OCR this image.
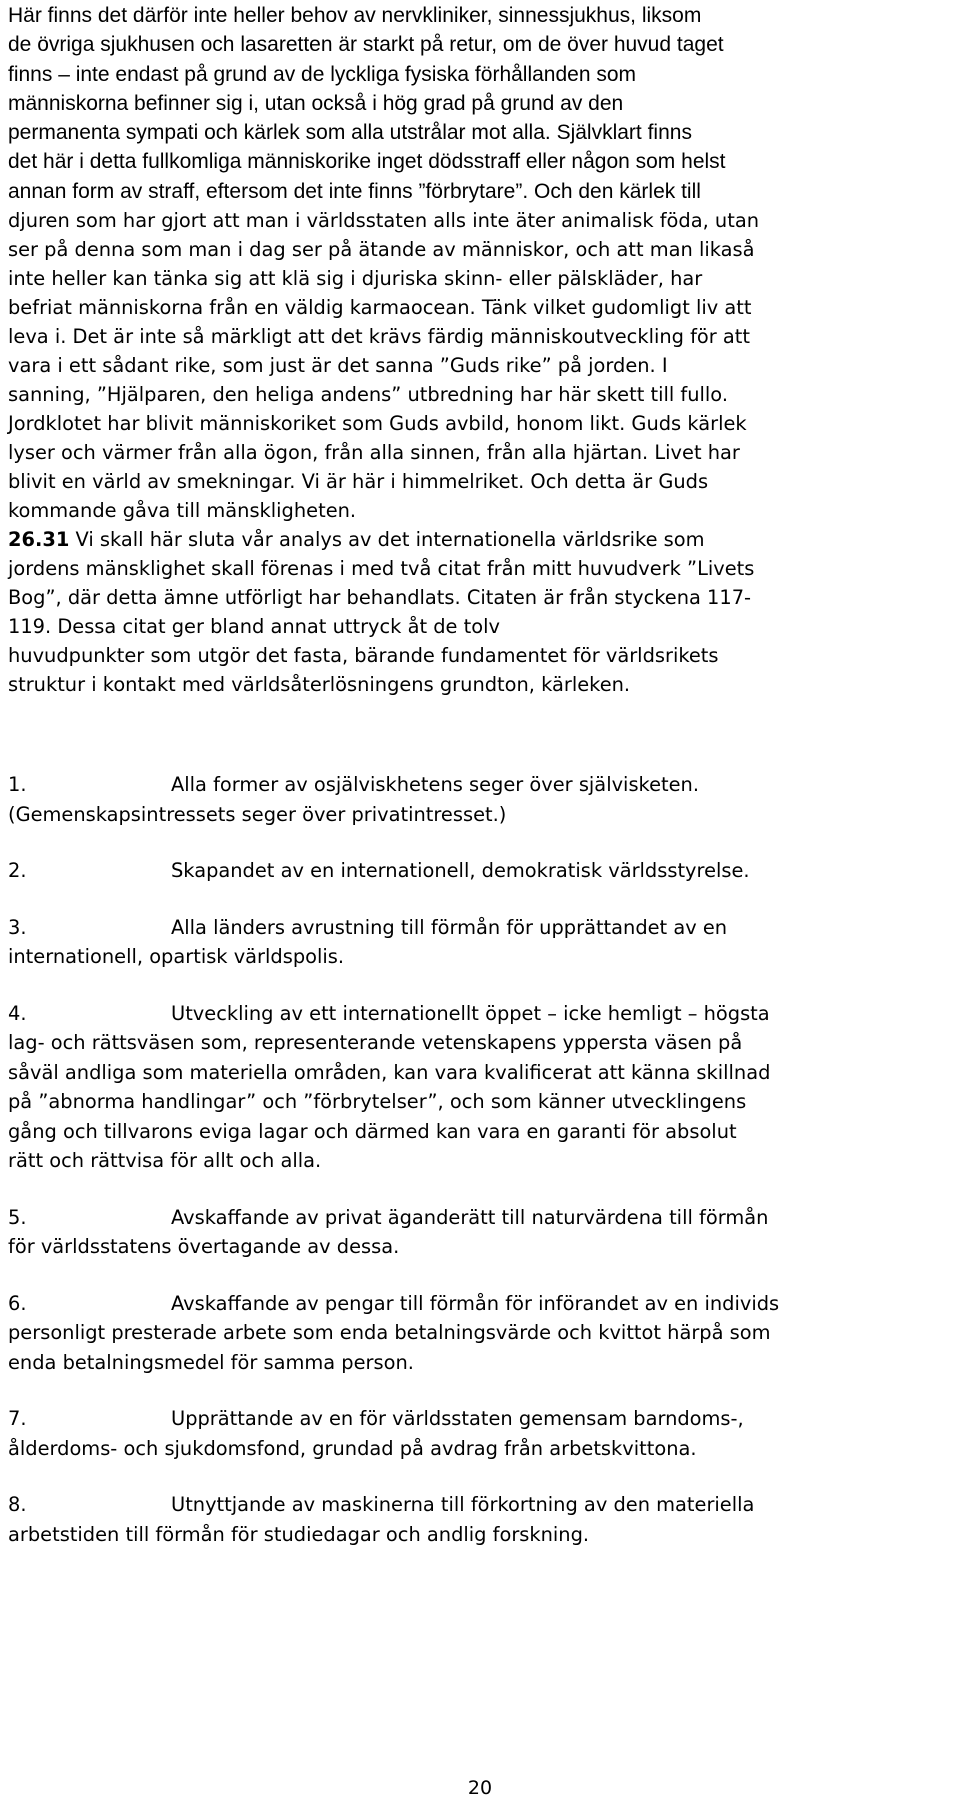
Här finns det därför inte heller behov av nervkliniker, sinnessjukhus, liksom
de övriga sjukhusen och lasaretten är starkt på retur, om de över huvud taget
finns – inte endast på grund av de lyckliga fysiska förhållanden som
människorna befinner sig i, utan också i hög grad på grund av den
permanenta sympati och kärlek som alla utstrålar mot alla. Självklart finns
det här i detta fullkomliga människorike inget dödsstraff eller någon som helst
annan form av straff, eftersom det inte finns ”förbrytare”. Och den kärlek till
djuren som har gjort att man i världsstaten alls inte äter animalisk föda, utan
ser på denna som man i dag ser på ätande av människor, och att man likaså
inte heller kan tänka sig att klä sig i djuriska skinn- eller pälskläder, har
befriat människorna från en väldig karmaocean. Tänk vilket gudomligt liv att
leva i. Det är inte så märkligt att det krävs färdig människoutveckling för att
vara i ett sådant rike, som just är det sanna ”Guds rike” på jorden. I
sanning, ”Hjälparen, den heliga andens” utbredning har här skett till fullo.
Jordklotet har blivit människoriket som Guds avbild, honom likt. Guds kärlek
lyser och värmer från alla ögon, från alla sinnen, från alla hjärtan. Livet har
blivit en värld av smekningar. Vi är här i himmelriket. Och detta är Guds
kommande gåva till mänskligheten.
26.31 Vi skall här sluta vår analys av det internationella världsrike som
jordens mänsklighet skall förenas i med två citat från mitt huvudverk ”Livets
Bog”, där detta ämne utförligt har behandlats. Citaten är från styckena 117-
119. Dessa citat ger bland annat uttryck åt de tolv
huvudpunkter som utgör det fasta, bärande fundamentet för världsrikets
struktur i kontakt med världsåterlösningens grundton, kärleken.
1.	Alla former av osjälviskhetens seger över självisketen.
(Gemenskapsintressets seger över privatintresset.)
2.	Skapandet av en internationell, demokratisk världsstyrelse.
3.	Alla länders avrustning till förmån för upprättandet av en
internationell, opartisk världspolis.
4.	Utveckling av ett internationellt öppet – icke hemligt – högsta
lag- och rättsväsen som, representerande vetenskapens yppersta väsen på
såväl andliga som materiella områden, kan vara kvalificerat att känna skillnad
på ”abnorma handlingar” och ”förbrytelser”, och som känner utvecklingens
gång och tillvarons eviga lagar och därmed kan vara en garanti för absolut
rätt och rättvisa för allt och alla.
5.	Avskaffande av privat äganderätt till naturvärdena till förmån
för världsstatens övertagande av dessa.
6.	Avskaffande av pengar till förmån för införandet av en individs
personligt presterade arbete som enda betalningsvärde och kvittot härpå som
enda betalningsmedel för samma person.
7.	Upprättande av en för världsstaten gemensam barndoms-,
ålderdoms- och sjukdomsfond, grundad på avdrag från arbetskvittona.
8.	Utnyttjande av maskinerna till förkortning av den materiella
arbetstiden till förmån för studiedagar och andlig forskning.
20
